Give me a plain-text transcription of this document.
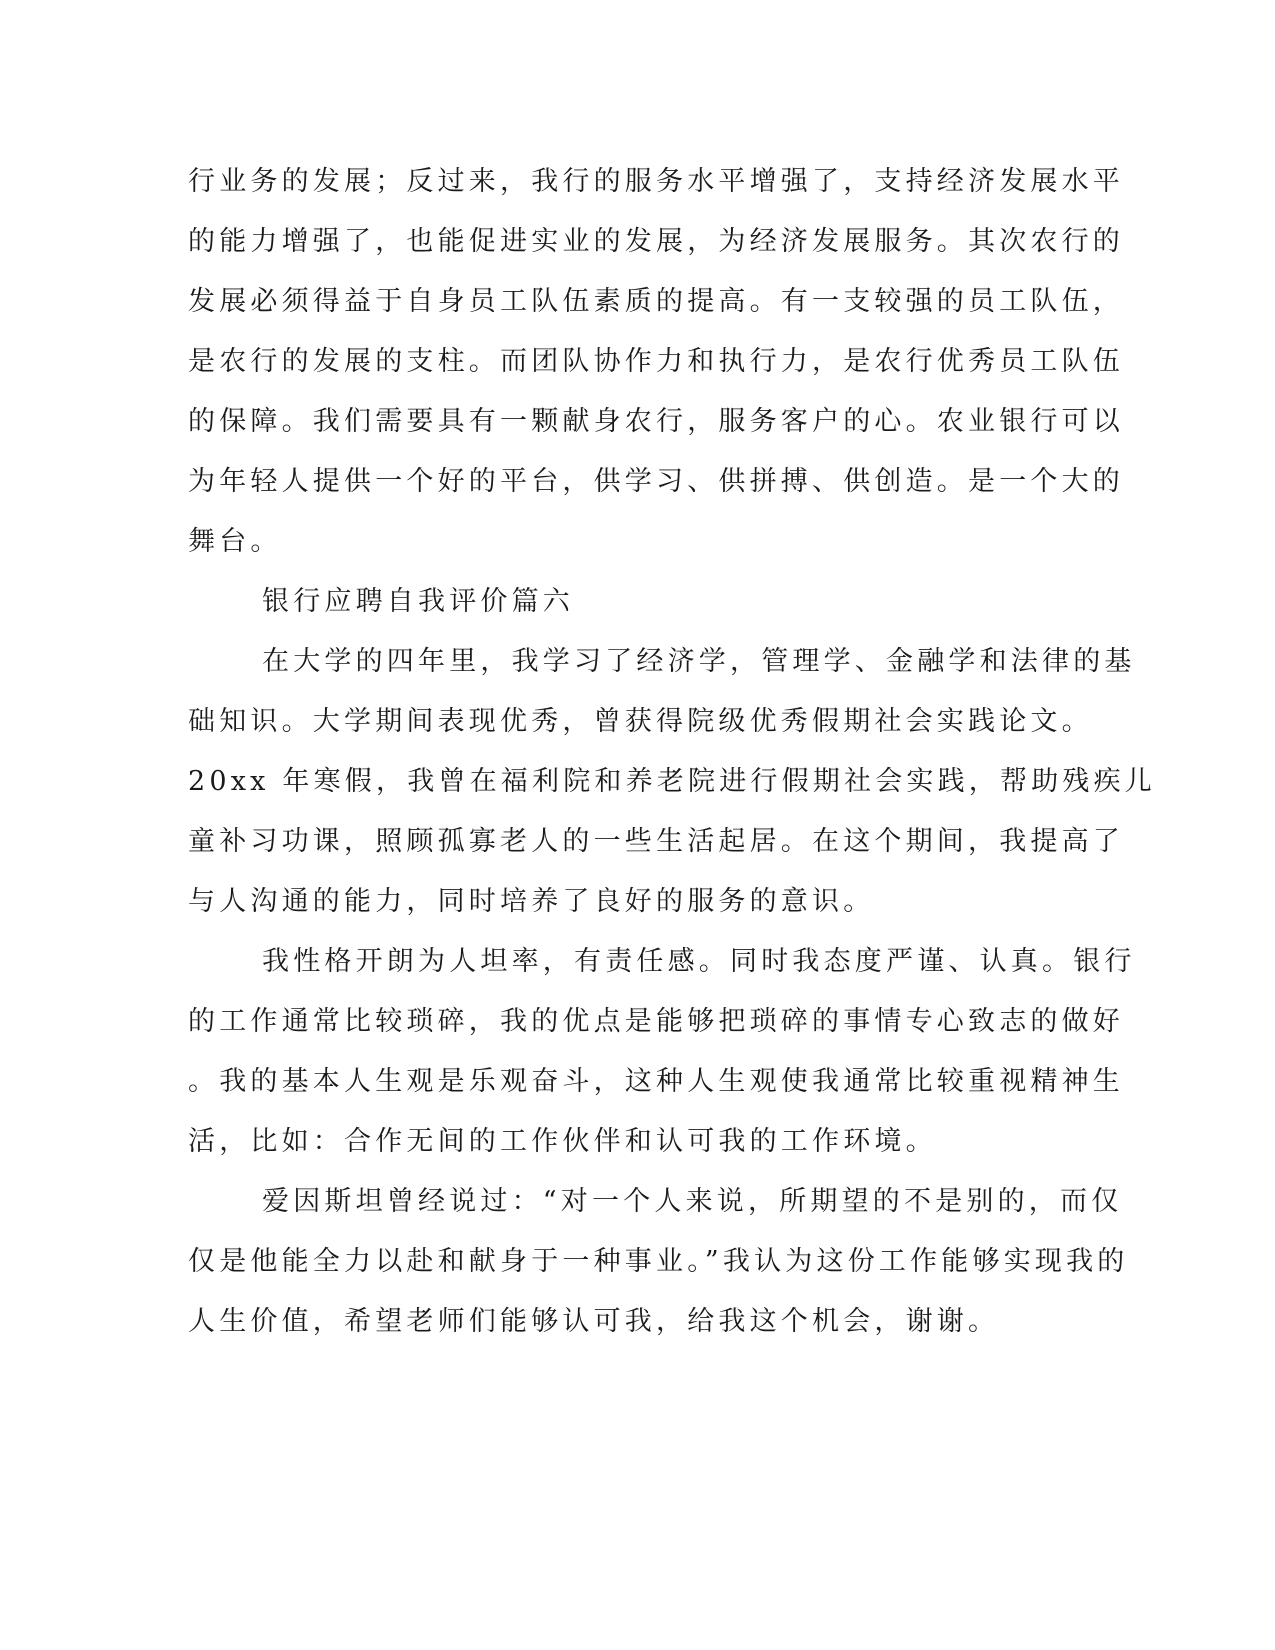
行业务的发展；反过来，我行的服务水平增强了，支持经济发展水平
的能力增强了，也能促进实业的发展，为经济发展服务。其次农行的
发展必须得益于自身员工队伍素质的提高。有一支较强的员工队伍，
是农行的发展的支柱。而团队协作力和执行力，是农行优秀员工队伍
的保障。我们需要具有一颗献身农行，服务客户的心。农业银行可以
为年轻人提供一个好的平台，供学习、供拼搏、供创造。是一个大的
舞台。
银行应聘自我评价篇六
在大学的四年里，我学习了经济学，管理学、金融学和法律的基
础知识。大学期间表现优秀，曾获得院级优秀假期社会实践论文。
20xx 年寒假，我曾在福利院和养老院进行假期社会实践，帮助残疾儿
童补习功课，照顾孤寡老人的一些生活起居。在这个期间，我提高了
与人沟通的能力，同时培养了良好的服务的意识。
我性格开朗为人坦率，有责任感。同时我态度严谨、认真。银行
的工作通常比较琐碎，我的优点是能够把琐碎的事情专心致志的做好
。我的基本人生观是乐观奋斗，这种人生观使我通常比较重视精神生
活，比如：合作无间的工作伙伴和认可我的工作环境。
爱因斯坦曾经说过：“对一个人来说，所期望的不是别的，而仅
仅是他能全力以赴和献身于一种事业。”我认为这份工作能够实现我的
人生价值，希望老师们能够认可我，给我这个机会，谢谢。
